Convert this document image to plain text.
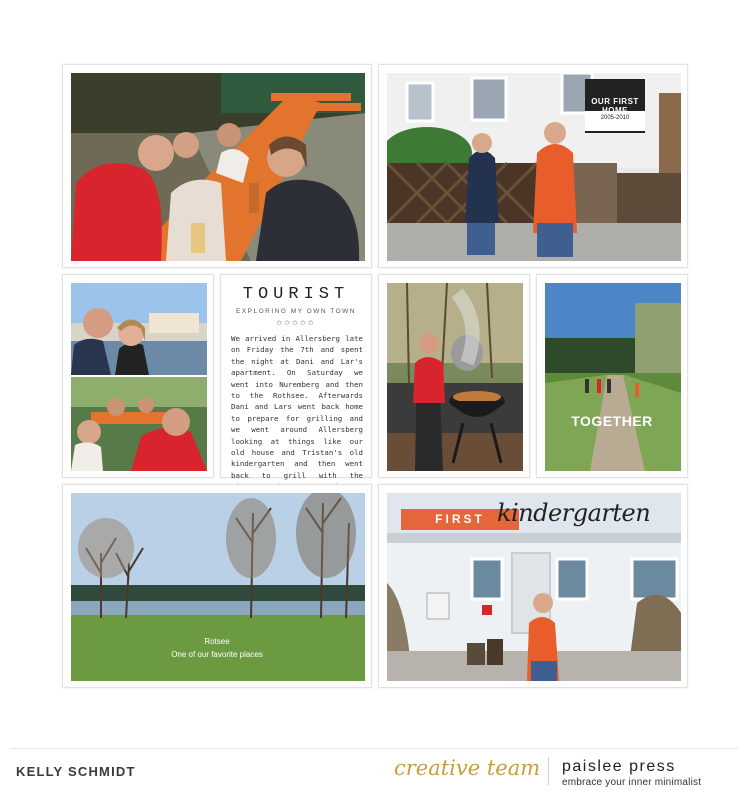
OUR FIRST
2005-2010
TOURIST
EXPLORING MY OWN TOWN
✩✩✩✩✩
We arrived in Allersberg late on Friday the 7th and spent the night at Dani and Lar's apartment. On Saturday we went into Nuremberg and then to the Rothsee. Afterwards Dani and Lars went back home to prepare for grilling and we went around Allersberg looking at things like our old house and Tristan's old kindergarten and then went back to grill with the
TOGETHER
Rotsee
One of our favorite places
FIRST kindergarten
KELLY SCHMIDT	creative team paislee press
embrace your inner minimalist
